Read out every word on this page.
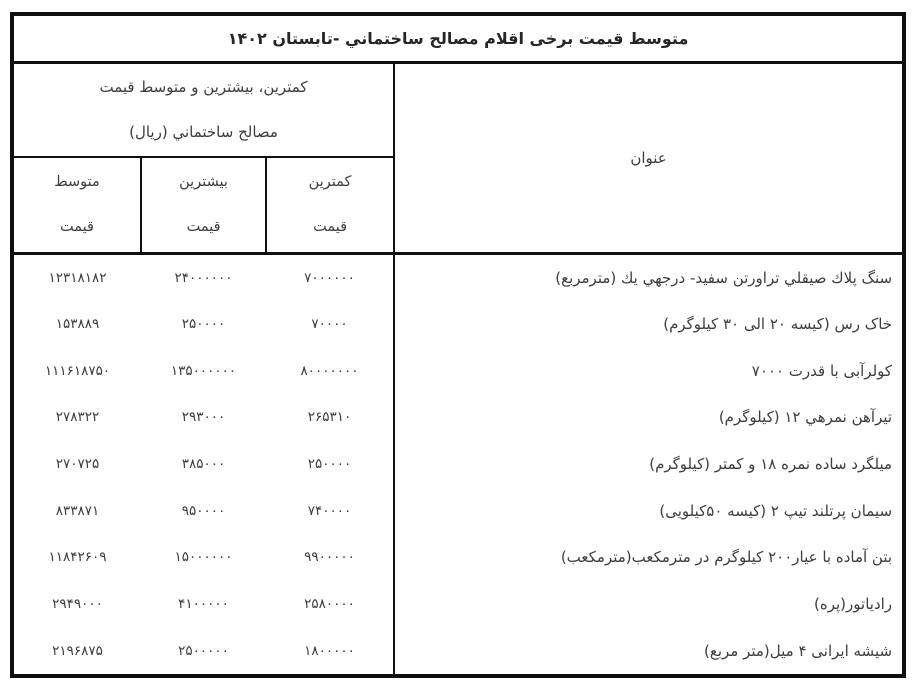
متوسط قیمت برخی اقلام مصالح ساختماني -تابستان ۱۴۰۲			
عنوان	کمترین، بیشترین و متوسط قیمت
مصالح ساختماني (ريال)		

کمترین
قیمت

بیشترین
قیمت

متوسط
قیمت

سنگ پلاك صیقلي تراورتن سفید- درجهي یك (مترمربع)	۷۰۰۰۰۰۰	۲۴۰۰۰۰۰۰	۱۲۳۱۸۱۸۲
خاک رس (کیسه ۲۰ الی ۳۰ کیلوگرم)	۷۰۰۰۰	۲۵۰۰۰۰	۱۵۳۸۸۹
کولرآبی با قدرت ۷۰۰۰	۸۰۰۰۰۰۰۰	۱۳۵۰۰۰۰۰۰	۱۱۱۶۱۸۷۵۰
تیرآهن نمرهي ۱۲ (کیلوگرم)	۲۶۵۳۱۰	۲۹۳۰۰۰	۲۷۸۳۲۲
میلگرد ساده نمره ۱۸ و کمتر (کیلوگرم)	۲۵۰۰۰۰	۳۸۵۰۰۰	۲۷۰۷۲۵
سیمان پرتلند تیپ ۲ (کیسه ۵۰کیلویی)	۷۴۰۰۰۰	۹۵۰۰۰۰	۸۳۳۸۷۱
بتن آماده با عیار۲۰۰ کیلوگرم در مترمکعب(مترمکعب)	۹۹۰۰۰۰۰	۱۵۰۰۰۰۰۰	۱۱۸۴۲۶۰۹
رادیاتور(پره)	۲۵۸۰۰۰۰	۴۱۰۰۰۰۰	۲۹۴۹۰۰۰
شیشه ایرانی ۴ میل(متر مربع)	۱۸۰۰۰۰۰	۲۵۰۰۰۰۰	۲۱۹۶۸۷۵
